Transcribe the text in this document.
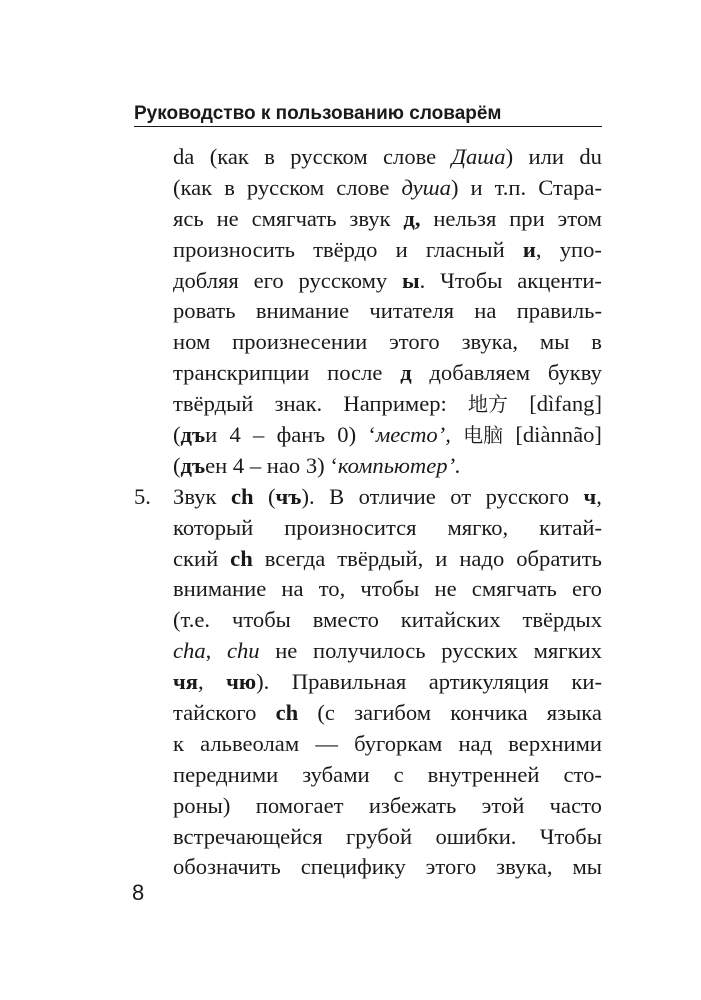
Руководство к пользованию словарём
da (как в русском слове Даша) или du
(как в русском слове душа) и т.п. Стара-
ясь не смягчать звук д, нельзя при этом
произносить твёрдо и гласный и, упо-
добляя его русскому ы. Чтобы акценти-
ровать внимание читателя на правиль-
ном произнесении этого звука, мы в
транскрипции после д добавляем букву
твёрдый знак. Например: 地方 [dìfang]
(дъи 4 – фанъ 0) ‘место’, 电脑 [diànnão]
(дъен 4 – нао 3) ‘компьютер’.
5. Звук ch (чъ). В отличие от русского ч,
который произносится мягко, китай-
ский ch всегда твёрдый, и надо обратить
внимание на то, чтобы не смягчать его
(т.е. чтобы вместо китайских твёрдых
cha, chu не получилось русских мягких
чя, чю). Правильная артикуляция ки-
тайского ch (с загибом кончика языка
к альвеолам — бугоркам над верхними
передними зубами с внутренней сто-
роны) помогает избежать этой часто
встречающейся грубой ошибки. Чтобы
обозначить специфику этого звука, мы
8
